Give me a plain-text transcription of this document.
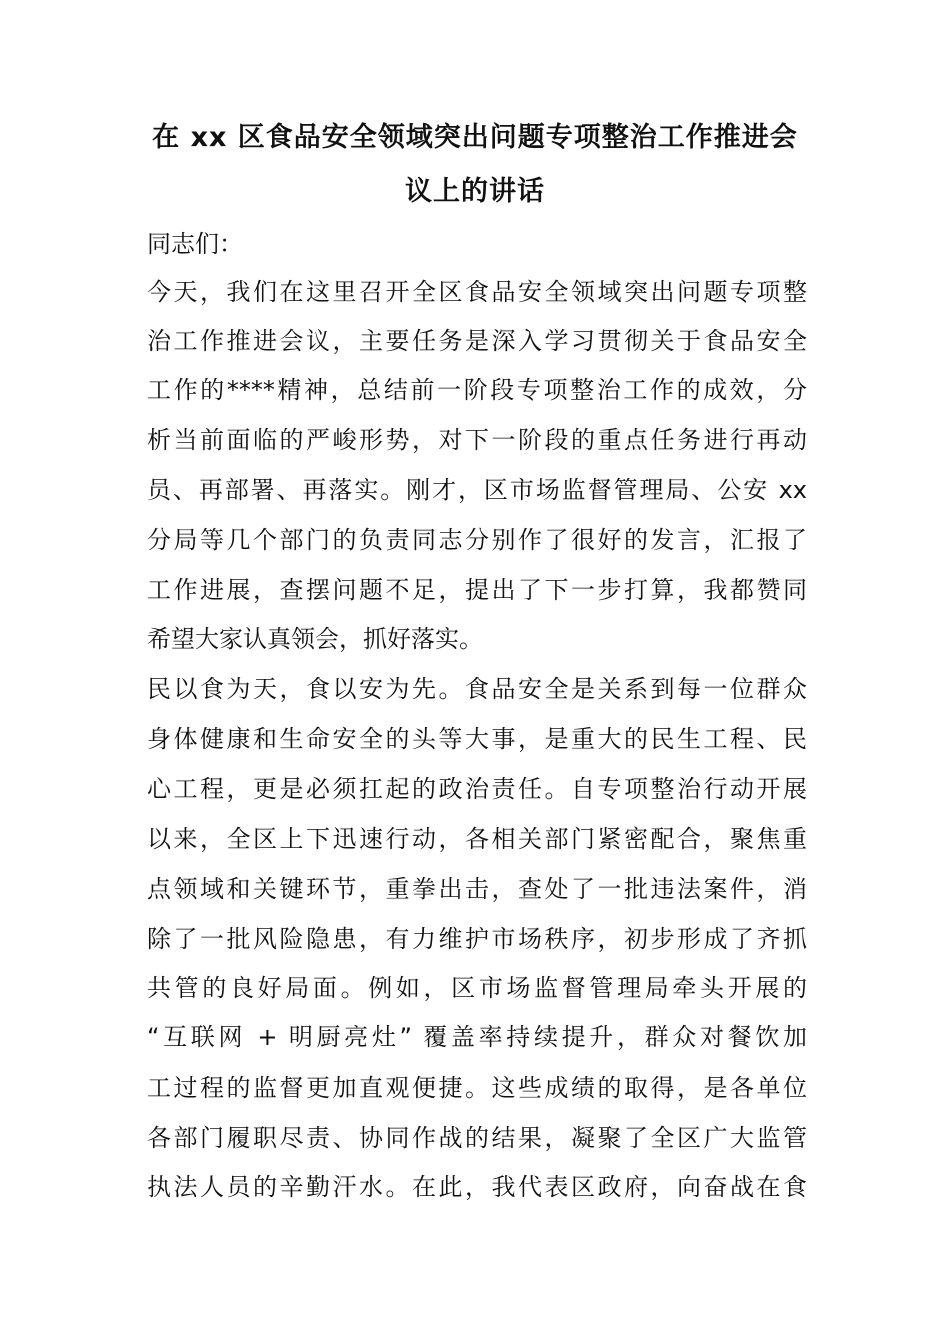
在 xx 区食品安全领域突出问题专项整治工作推进会
议上的讲话

同志们：

今天，我们在这里召开全区食品安全领域突出问题专项整

治工作推进会议，主要任务是深入学习贯彻关于食品安全

工作的****精神，总结前一阶段专项整治工作的成效，分

析当前面临的严峻形势，对下一阶段的重点任务进行再动

员、再部署、再落实。刚才，区市场监督管理局、公安 xx

分局等几个部门的负责同志分别作了很好的发言，汇报了

工作进展，查摆问题不足，提出了下一步打算，我都赞同

希望大家认真领会，抓好落实。

民以食为天，食以安为先。食品安全是关系到每一位群众

身体健康和生命安全的头等大事，是重大的民生工程、民

心工程，更是必须扛起的政治责任。自专项整治行动开展

以来，全区上下迅速行动，各相关部门紧密配合，聚焦重

点领域和关键环节，重拳出击，查处了一批违法案件，消

除了一批风险隐患，有力维护市场秩序，初步形成了齐抓

共管的良好局面。例如，区市场监督管理局牵头开展的

“互联网 + 明厨亮灶” 覆盖率持续提升，群众对餐饮加

工过程的监督更加直观便捷。这些成绩的取得，是各单位

各部门履职尽责、协同作战的结果，凝聚了全区广大监管

执法人员的辛勤汗水。在此，我代表区政府，向奋战在食
